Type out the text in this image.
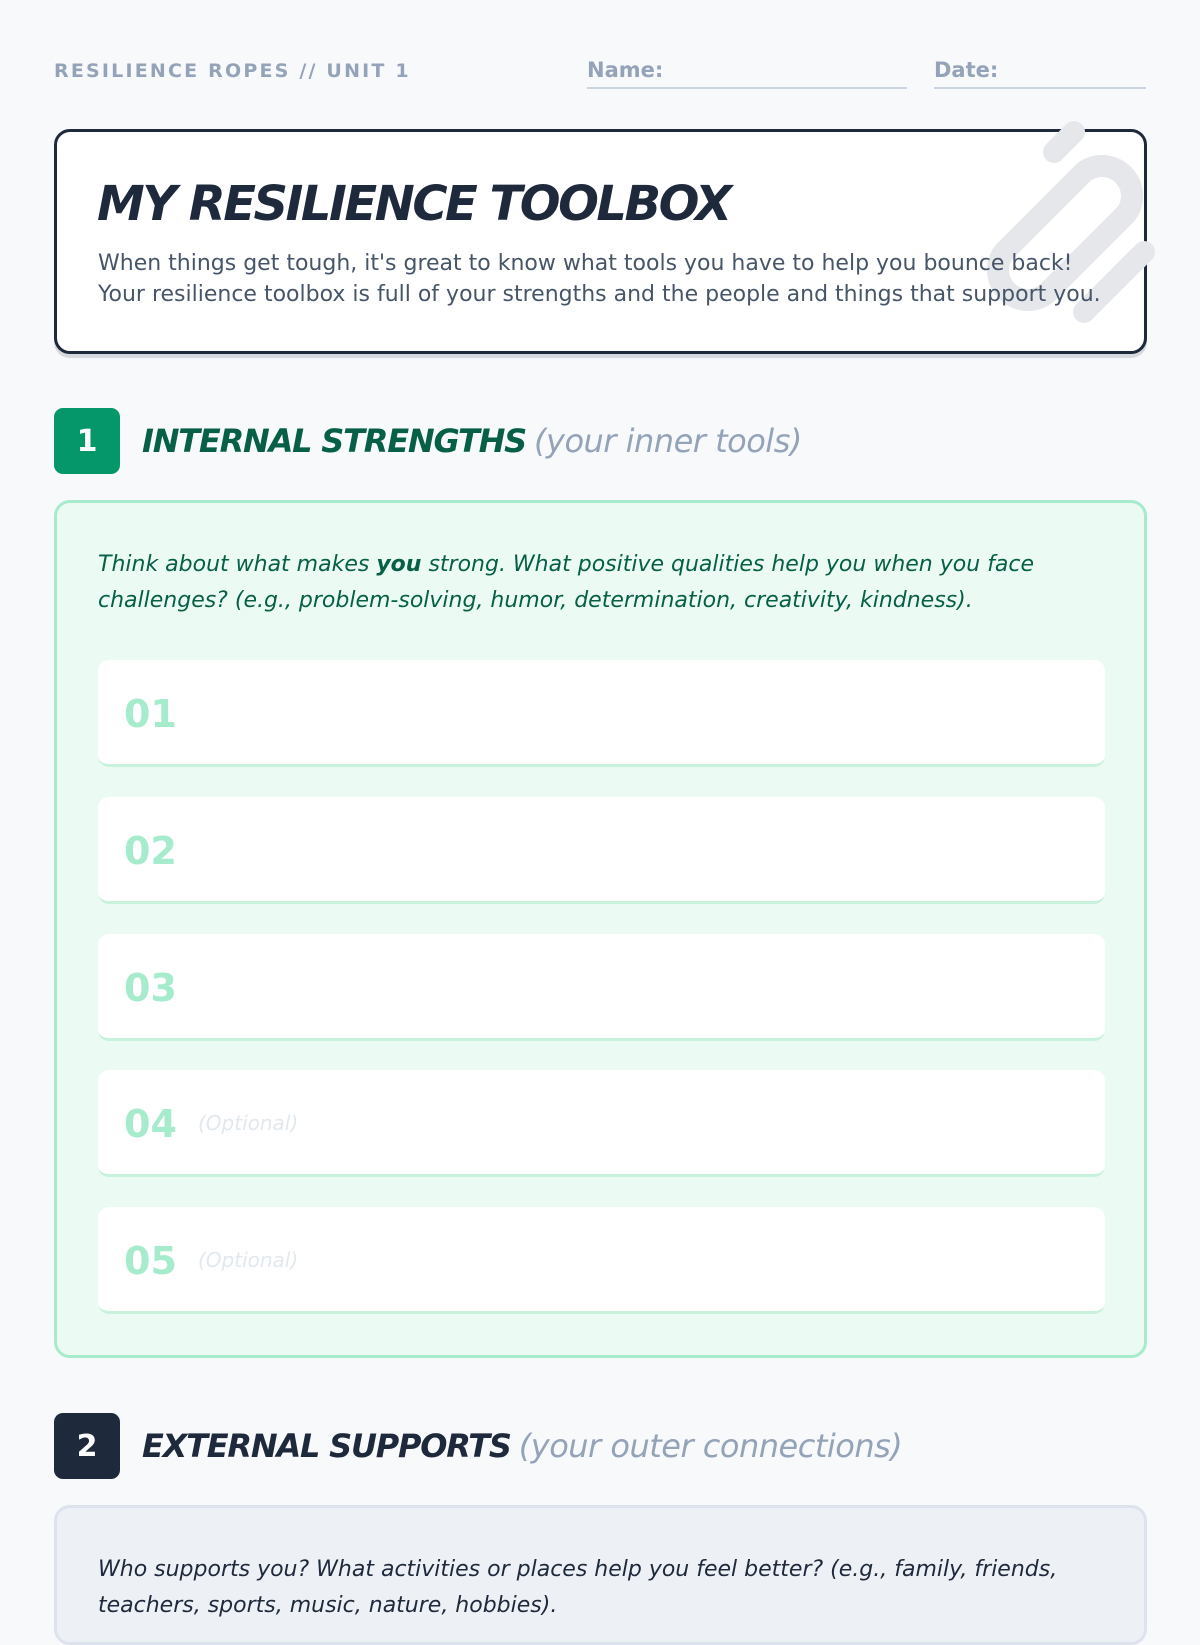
RESILIENCE ROPES // UNIT 1	Name:	Date:
MY RESILIENCE TOOLBOX
When things get tough, it's great to know what tools you have to help you bounce back! Your resilience toolbox is full of your strengths and the people and things that support you.
1	INTERNAL STRENGTHS (your inner tools)

Think about what makes you strong. What positive qualities help you when you face challenges? (e.g., problem-solving, humor, determination, creativity, kindness).

01
02
03
04 (Optional)
05 (Optional)
2	EXTERNAL SUPPORTS (your outer connections)

Who supports you? What activities or places help you feel better? (e.g., family, friends, teachers, sports, music, nature, hobbies).
